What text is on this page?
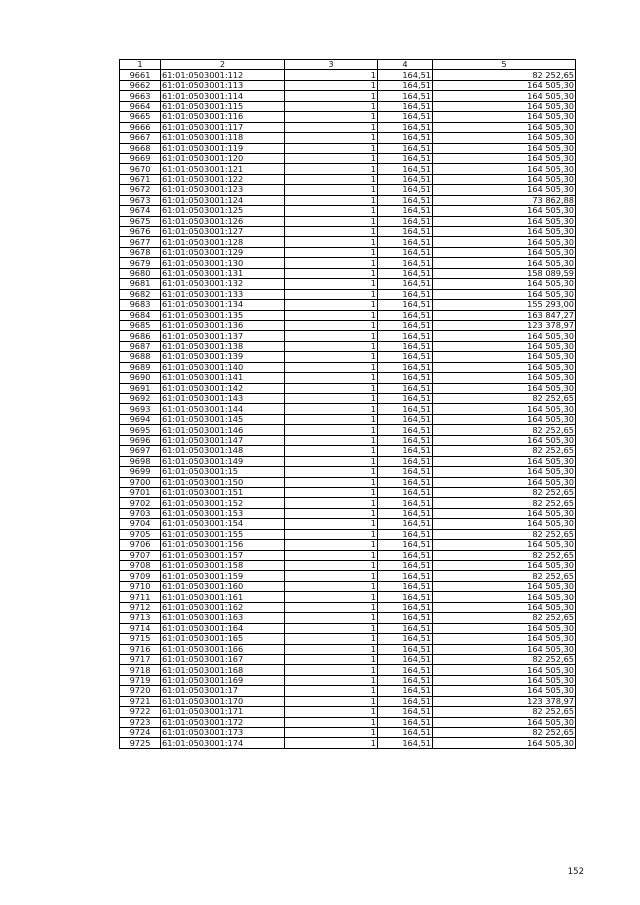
1	2	3	4	5
9661	61:01:0503001:112	1	164,51	82 252,65
9662	61:01:0503001:113	1	164,51	164 505,30
9663	61:01:0503001:114	1	164,51	164 505,30
9664	61:01:0503001:115	1	164,51	164 505,30
9665	61:01:0503001:116	1	164,51	164 505,30
9666	61:01:0503001:117	1	164,51	164 505,30
9667	61:01:0503001:118	1	164,51	164 505,30
9668	61:01:0503001:119	1	164,51	164 505,30
9669	61:01:0503001:120	1	164,51	164 505,30
9670	61:01:0503001:121	1	164,51	164 505,30
9671	61:01:0503001:122	1	164,51	164 505,30
9672	61:01:0503001:123	1	164,51	164 505,30
9673	61:01:0503001:124	1	164,51	73 862,88
9674	61:01:0503001:125	1	164,51	164 505,30
9675	61:01:0503001:126	1	164,51	164 505,30
9676	61:01:0503001:127	1	164,51	164 505,30
9677	61:01:0503001:128	1	164,51	164 505,30
9678	61:01:0503001:129	1	164,51	164 505,30
9679	61:01:0503001:130	1	164,51	164 505,30
9680	61:01:0503001:131	1	164,51	158 089,59
9681	61:01:0503001:132	1	164,51	164 505,30
9682	61:01:0503001:133	1	164,51	164 505,30
9683	61:01:0503001:134	1	164,51	155 293,00
9684	61:01:0503001:135	1	164,51	163 847,27
9685	61:01:0503001:136	1	164,51	123 378,97
9686	61:01:0503001:137	1	164,51	164 505,30
9687	61:01:0503001:138	1	164,51	164 505,30
9688	61:01:0503001:139	1	164,51	164 505,30
9689	61:01:0503001:140	1	164,51	164 505,30
9690	61:01:0503001:141	1	164,51	164 505,30
9691	61:01:0503001:142	1	164,51	164 505,30
9692	61:01:0503001:143	1	164,51	82 252,65
9693	61:01:0503001:144	1	164,51	164 505,30
9694	61:01:0503001:145	1	164,51	164 505,30
9695	61:01:0503001:146	1	164,51	82 252,65
9696	61:01:0503001:147	1	164,51	164 505,30
9697	61:01:0503001:148	1	164,51	82 252,65
9698	61:01:0503001:149	1	164,51	164 505,30
9699	61:01:0503001:15	1	164,51	164 505,30
9700	61:01:0503001:150	1	164,51	164 505,30
9701	61:01:0503001:151	1	164,51	82 252,65
9702	61:01:0503001:152	1	164,51	82 252,65
9703	61:01:0503001:153	1	164,51	164 505,30
9704	61:01:0503001:154	1	164,51	164 505,30
9705	61:01:0503001:155	1	164,51	82 252,65
9706	61:01:0503001:156	1	164,51	164 505,30
9707	61:01:0503001:157	1	164,51	82 252,65
9708	61:01:0503001:158	1	164,51	164 505,30
9709	61:01:0503001:159	1	164,51	82 252,65
9710	61:01:0503001:160	1	164,51	164 505,30
9711	61:01:0503001:161	1	164,51	164 505,30
9712	61:01:0503001:162	1	164,51	164 505,30
9713	61:01:0503001:163	1	164,51	82 252,65
9714	61:01:0503001:164	1	164,51	164 505,30
9715	61:01:0503001:165	1	164,51	164 505,30
9716	61:01:0503001:166	1	164,51	164 505,30
9717	61:01:0503001:167	1	164,51	82 252,65
9718	61:01:0503001:168	1	164,51	164 505,30
9719	61:01:0503001:169	1	164,51	164 505,30
9720	61:01:0503001:17	1	164,51	164 505,30
9721	61:01:0503001:170	1	164,51	123 378,97
9722	61:01:0503001:171	1	164,51	82 252,65
9723	61:01:0503001:172	1	164,51	164 505,30
9724	61:01:0503001:173	1	164,51	82 252,65
9725	61:01:0503001:174	1	164,51	164 505,30
152
